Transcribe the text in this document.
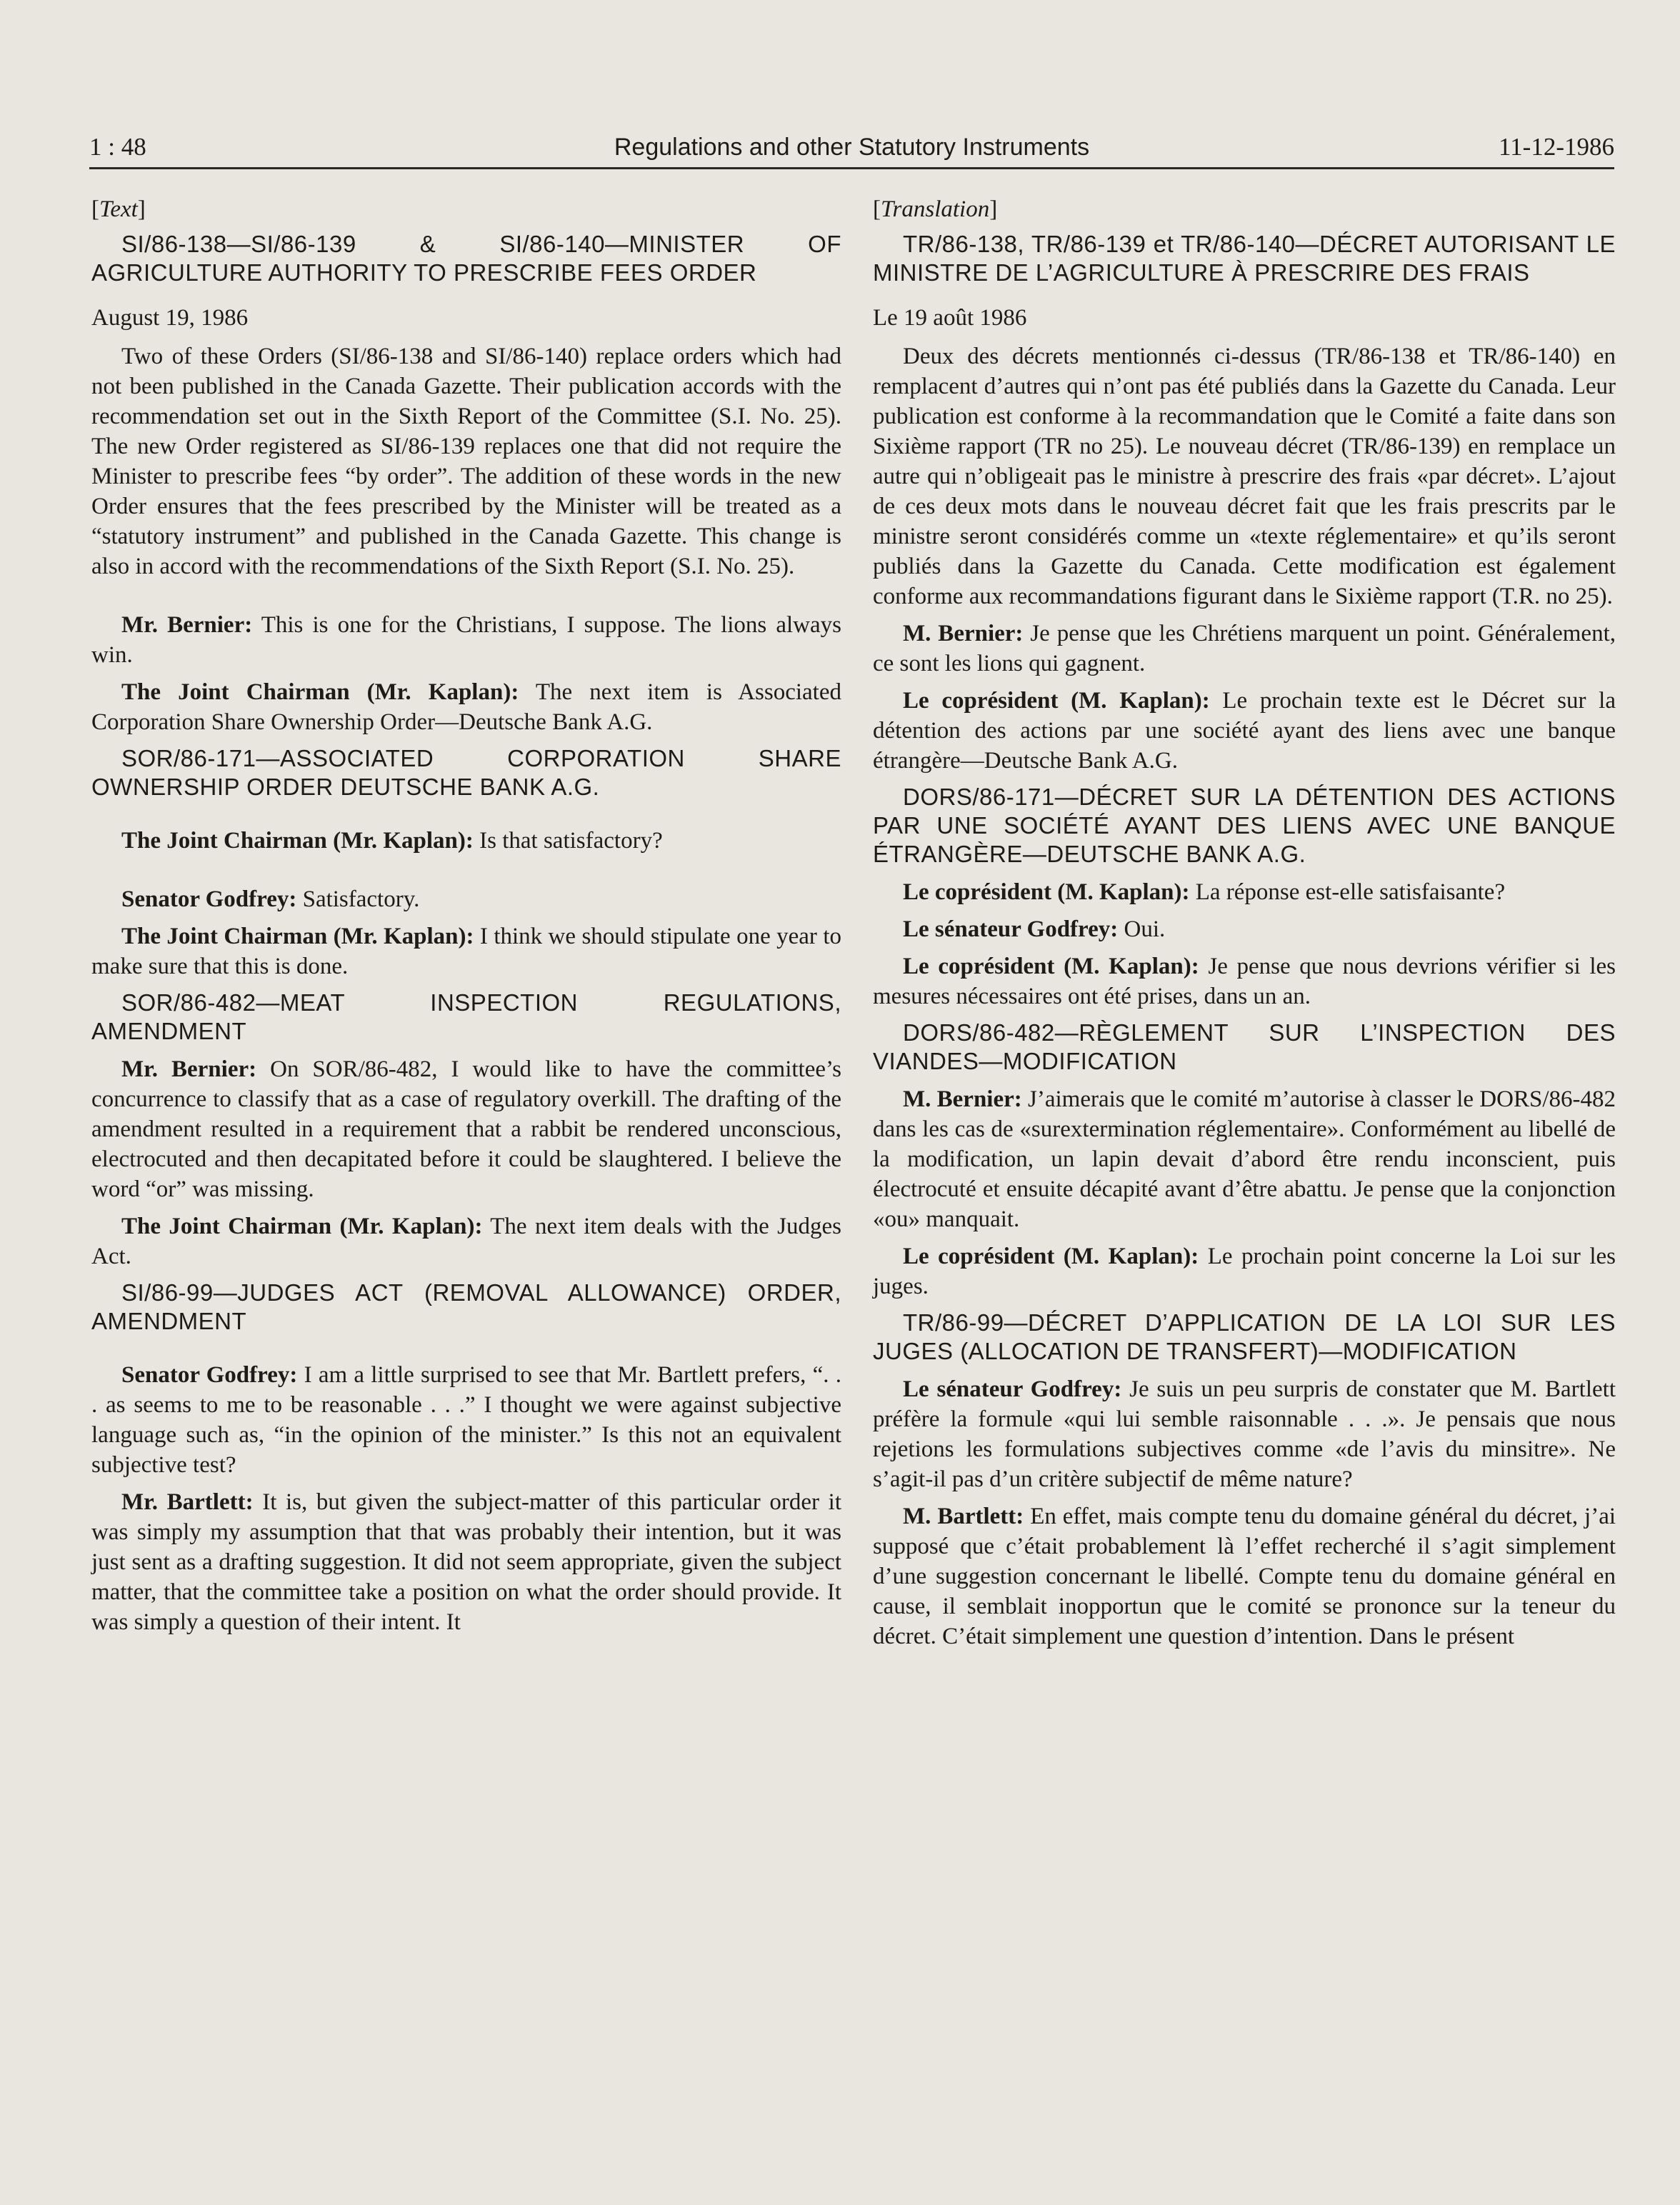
1 : 48	Regulations and other Statutory Instruments	11-12-1986

[ Text ]

SI/86-138—SI/86-139 & SI/86-140—MINISTER OF AGRICULTURE AUTHORITY TO PRESCRIBE FEES ORDER

August 19, 1986

Two of these Orders (SI/86-138 and SI/86-140) replace orders which had not been published in the Canada Gazette. Their publication accords with the recommendation set out in the Sixth Report of the Committee (S.I. No. 25). The new Order registered as SI/86-139 replaces one that did not require the Minister to prescribe fees “by order”. The addition of these words in the new Order ensures that the fees prescribed by the Minister will be treated as a “statutory instrument” and published in the Canada Gazette. This change is also in accord with the recommendations of the Sixth Report (S.I. No. 25).

Mr. Bernier: This is one for the Christians, I suppose. The lions always win.

The Joint Chairman (Mr. Kaplan): The next item is Associated Corporation Share Ownership Order—Deutsche Bank A.G.

SOR/86-171—ASSOCIATED CORPORATION SHARE OWNERSHIP ORDER DEUTSCHE BANK A.G.

The Joint Chairman (Mr. Kaplan): Is that satisfactory?

Senator Godfrey: Satisfactory.

The Joint Chairman (Mr. Kaplan): I think we should stipulate one year to make sure that this is done.

SOR/86-482—MEAT INSPECTION REGULATIONS, AMENDMENT

Mr. Bernier: On SOR/86-482, I would like to have the committee’s concurrence to classify that as a case of regulatory overkill. The drafting of the amendment resulted in a requirement that a rabbit be rendered unconscious, electrocuted and then decapitated before it could be slaughtered. I believe the word “or” was missing.

The Joint Chairman (Mr. Kaplan): The next item deals with the Judges Act.

SI/86-99—JUDGES ACT (REMOVAL ALLOWANCE) ORDER, AMENDMENT

Senator Godfrey: I am a little surprised to see that Mr. Bartlett prefers, “. . . as seems to me to be reasonable . . .” I thought we were against subjective language such as, “in the opinion of the minister.” Is this not an equivalent subjective test?

Mr. Bartlett: It is, but given the subject-matter of this particular order it was simply my assumption that that was probably their intention, but it was just sent as a drafting suggestion. It did not seem appropriate, given the subject matter, that the committee take a position on what the order should provide. It was simply a question of their intent. It

[ Translation ]

TR/86-138, TR/86-139 et TR/86-140—DÉCRET AUTORISANT LE MINISTRE DE L’AGRICULTURE À PRESCRIRE DES FRAIS

Le 19 août 1986

Deux des décrets mentionnés ci-dessus (TR/86-138 et TR/86-140) en remplacent d’autres qui n’ont pas été publiés dans la Gazette du Canada. Leur publication est conforme à la recommandation que le Comité a faite dans son Sixième rapport (TR no 25). Le nouveau décret (TR/86-139) en remplace un autre qui n’obligeait pas le ministre à prescrire des frais «par décret». L’ajout de ces deux mots dans le nouveau décret fait que les frais prescrits par le ministre seront considérés comme un «texte réglementaire» et qu’ils seront publiés dans la Gazette du Canada. Cette modification est également conforme aux recommandations figurant dans le Sixième rapport (T.R. no 25).

M. Bernier: Je pense que les Chrétiens marquent un point. Généralement, ce sont les lions qui gagnent.

Le coprésident (M. Kaplan): Le prochain texte est le Décret sur la détention des actions par une société ayant des liens avec une banque étrangère—Deutsche Bank A.G.

DORS/86-171—DÉCRET SUR LA DÉTENTION DES ACTIONS PAR UNE SOCIÉTÉ AYANT DES LIENS AVEC UNE BANQUE ÉTRANGÈRE—DEUTSCHE BANK A.G.

Le coprésident (M. Kaplan): La réponse est-elle satisfaisante?

Le sénateur Godfrey: Oui.

Le coprésident (M. Kaplan): Je pense que nous devrions vérifier si les mesures nécessaires ont été prises, dans un an.

DORS/86-482—RÈGLEMENT SUR L’INSPECTION DES VIANDES—MODIFICATION

M. Bernier: J’aimerais que le comité m’autorise à classer le DORS/86-482 dans les cas de «surextermination réglementaire». Conformément au libellé de la modification, un lapin devait d’abord être rendu inconscient, puis électrocuté et ensuite décapité avant d’être abattu. Je pense que la conjonction «ou» manquait.

Le coprésident (M. Kaplan): Le prochain point concerne la Loi sur les juges.

TR/86-99—DÉCRET D’APPLICATION DE LA LOI SUR LES JUGES (ALLOCATION DE TRANSFERT)—MODIFICATION

Le sénateur Godfrey: Je suis un peu surpris de constater que M. Bartlett préfère la formule «qui lui semble raisonnable . . .». Je pensais que nous rejetions les formulations subjectives comme «de l’avis du minsitre». Ne s’agit-il pas d’un critère subjectif de même nature?

M. Bartlett: En effet, mais compte tenu du domaine général du décret, j’ai supposé que c’était probablement là l’effet recherché il s’agit simplement d’une suggestion concernant le libellé. Compte tenu du domaine général en cause, il semblait inopportun que le comité se prononce sur la teneur du décret. C’était simplement une question d’intention. Dans le présent
